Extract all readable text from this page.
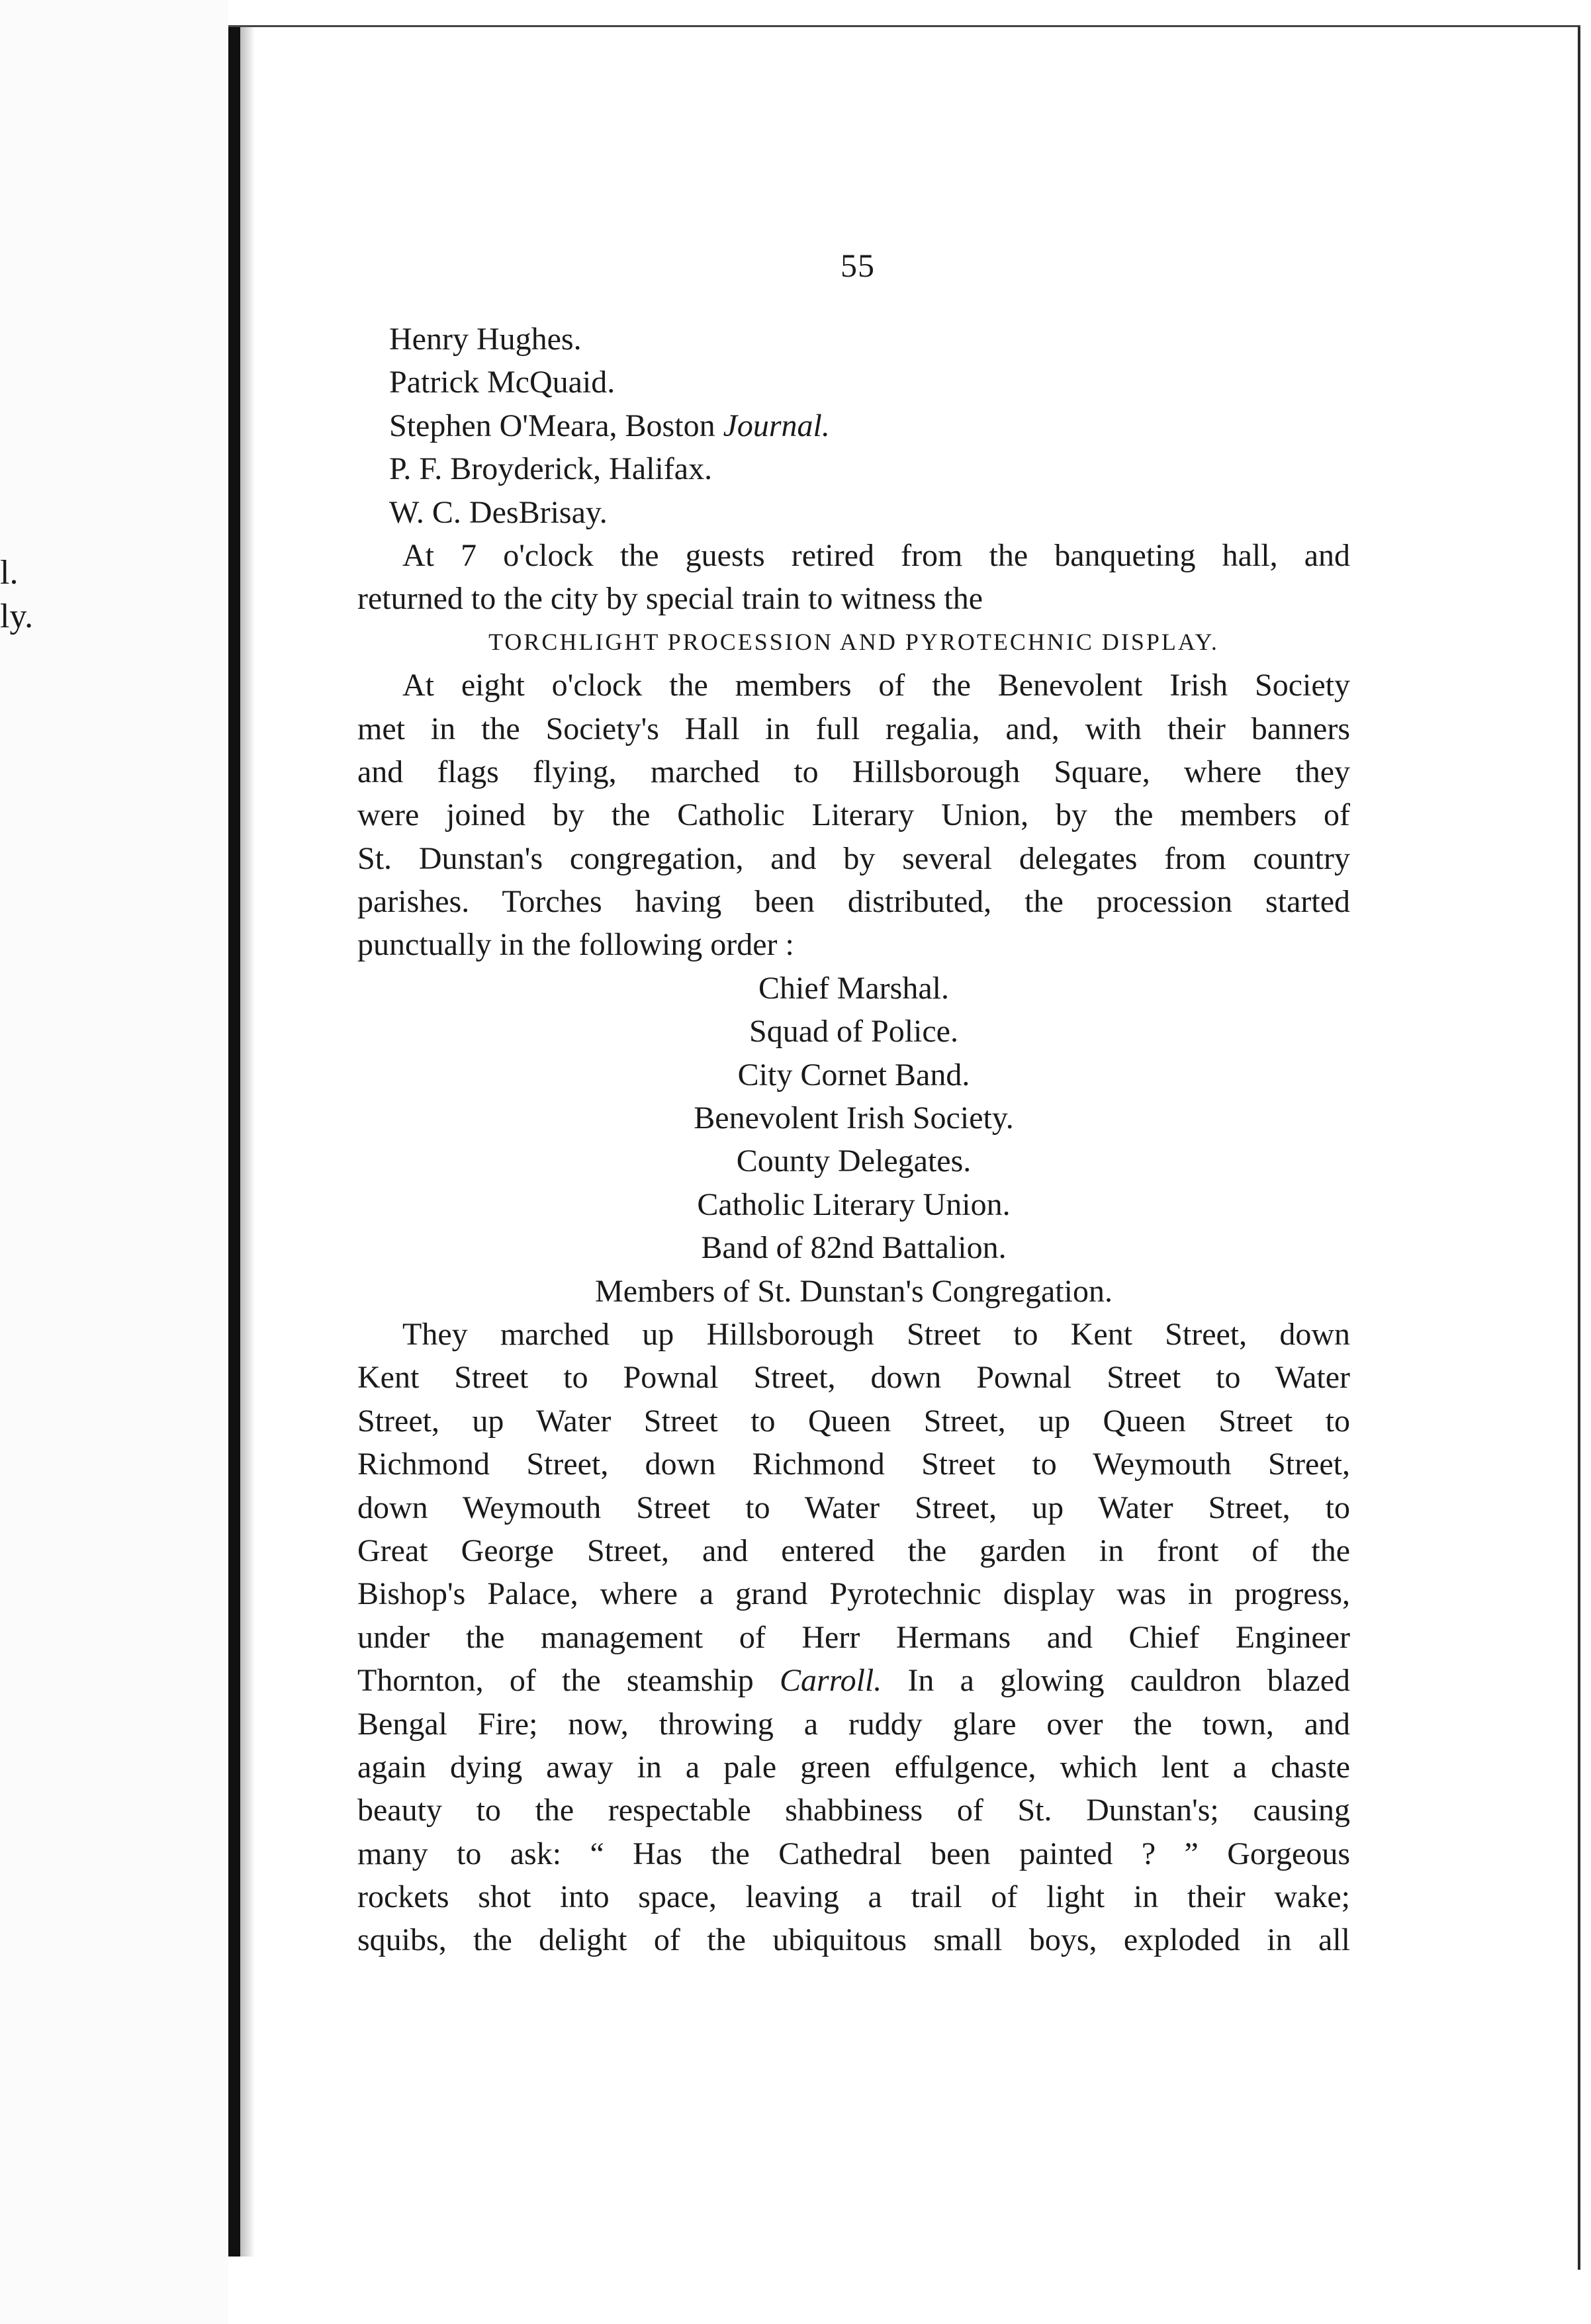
l.
ly.
55
Henry Hughes.
Patrick McQuaid.
Stephen O'Meara, Boston Journal.
P. F. Broyderick, Halifax.
W. C. DesBrisay.
At 7 o'clock the guests retired from the banqueting hall, and
returned to the city by special train to witness the
TORCHLIGHT PROCESSION AND PYROTECHNIC DISPLAY.
At eight o'clock the members of the Benevolent Irish Society
met in the Society's Hall in full regalia, and, with their banners
and flags flying, marched to Hillsborough Square, where they
were joined by the Catholic Literary Union, by the members of
St. Dunstan's congregation, and by several delegates from country
parishes. Torches having been distributed, the procession started
punctually in the following order :
Chief Marshal.
Squad of Police.
City Cornet Band.
Benevolent Irish Society.
County Delegates.
Catholic Literary Union.
Band of 82nd Battalion.
Members of St. Dunstan's Congregation.
They marched up Hillsborough Street to Kent Street, down
Kent Street to Pownal Street, down Pownal Street to Water
Street, up Water Street to Queen Street, up Queen Street to
Richmond Street, down Richmond Street to Weymouth Street,
down Weymouth Street to Water Street, up Water Street, to
Great George Street, and entered the garden in front of the
Bishop's Palace, where a grand Pyrotechnic display was in progress,
under the management of Herr Hermans and Chief Engineer
Thornton, of the steamship Carroll. In a glowing cauldron blazed
Bengal Fire; now, throwing a ruddy glare over the town, and
again dying away in a pale green effulgence, which lent a chaste
beauty to the respectable shabbiness of St. Dunstan's; causing
many to ask: “ Has the Cathedral been painted ? ” Gorgeous
rockets shot into space, leaving a trail of light in their wake;
squibs, the delight of the ubiquitous small boys, exploded in all
